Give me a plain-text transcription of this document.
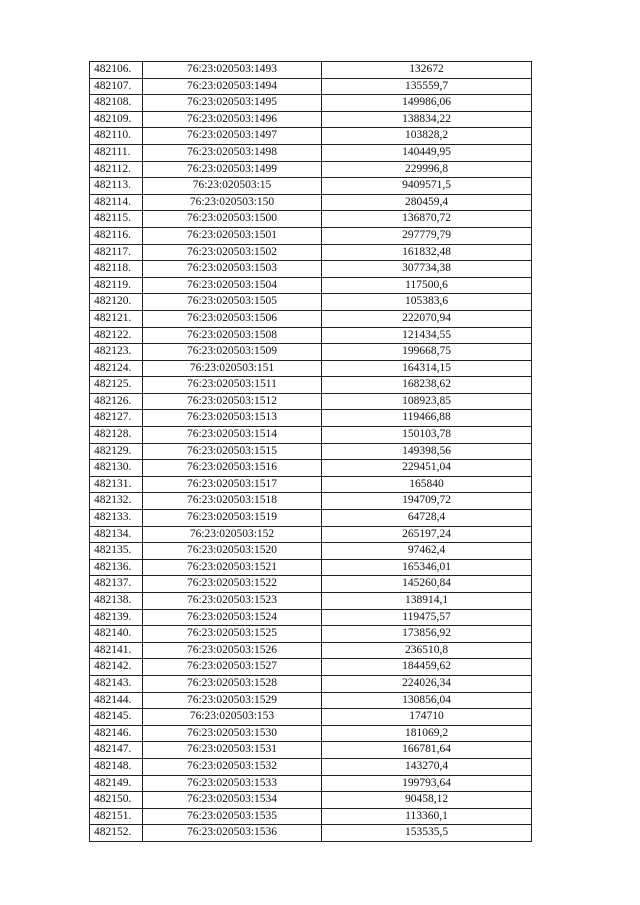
482106.	76:23:020503:1493	132672
482107.	76:23:020503:1494	135559,7
482108.	76:23:020503:1495	149986,06
482109.	76:23:020503:1496	138834,22
482110.	76:23:020503:1497	103828,2
482111.	76:23:020503:1498	140449,95
482112.	76:23:020503:1499	229996,8
482113.	76:23:020503:15	9409571,5
482114.	76:23:020503:150	280459,4
482115.	76:23:020503:1500	136870,72
482116.	76:23:020503:1501	297779,79
482117.	76:23:020503:1502	161832,48
482118.	76:23:020503:1503	307734,38
482119.	76:23:020503:1504	117500,6
482120.	76:23:020503:1505	105383,6
482121.	76:23:020503:1506	222070,94
482122.	76:23:020503:1508	121434,55
482123.	76:23:020503:1509	199668,75
482124.	76:23:020503:151	164314,15
482125.	76:23:020503:1511	168238,62
482126.	76:23:020503:1512	108923,85
482127.	76:23:020503:1513	119466,88
482128.	76:23:020503:1514	150103,78
482129.	76:23:020503:1515	149398,56
482130.	76:23:020503:1516	229451,04
482131.	76:23:020503:1517	165840
482132.	76:23:020503:1518	194709,72
482133.	76:23:020503:1519	64728,4
482134.	76:23:020503:152	265197,24
482135.	76:23:020503:1520	97462,4
482136.	76:23:020503:1521	165346,01
482137.	76:23:020503:1522	145260,84
482138.	76:23:020503:1523	138914,1
482139.	76:23:020503:1524	119475,57
482140.	76:23:020503:1525	173856,92
482141.	76:23:020503:1526	236510,8
482142.	76:23:020503:1527	184459,62
482143.	76:23:020503:1528	224026,34
482144.	76:23:020503:1529	130856,04
482145.	76:23:020503:153	174710
482146.	76:23:020503:1530	181069,2
482147.	76:23:020503:1531	166781,64
482148.	76:23:020503:1532	143270,4
482149.	76:23:020503:1533	199793,64
482150.	76:23:020503:1534	90458,12
482151.	76:23:020503:1535	113360,1
482152.	76:23:020503:1536	153535,5
